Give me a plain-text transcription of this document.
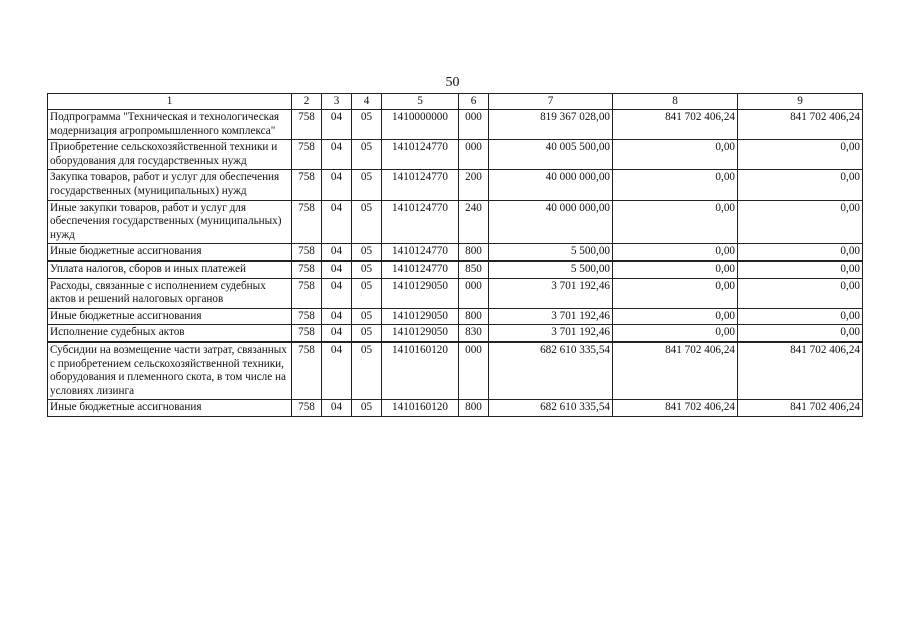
50
1	2	3	4	5	6	7	8	9
Подпрограмма "Техническая и технологическая модернизация агропромышленного комплекса"	758	04	05	1410000000	000	819 367 028,00	841 702 406,24	841 702 406,24
Приобретение сельскохозяйственной техники и оборудования для государственных нужд	758	04	05	1410124770	000	40 005 500,00	0,00	0,00
Закупка товаров, работ и услуг для обеспечения государственных (муниципальных) нужд	758	04	05	1410124770	200	40 000 000,00	0,00	0,00
Иные закупки товаров, работ и услуг для обеспечения государственных (муниципальных) нужд	758	04	05	1410124770	240	40 000 000,00	0,00	0,00
Иные бюджетные ассигнования	758	04	05	1410124770	800	5 500,00	0,00	0,00
Уплата налогов, сборов и иных платежей	758	04	05	1410124770	850	5 500,00	0,00	0,00
Расходы, связанные с исполнением судебных актов и решений налоговых органов	758	04	05	1410129050	000	3 701 192,46	0,00	0,00
Иные бюджетные ассигнования	758	04	05	1410129050	800	3 701 192,46	0,00	0,00
Исполнение судебных актов	758	04	05	1410129050	830	3 701 192,46	0,00	0,00
Субсидии на возмещение части затрат, связанных с приобретением сельскохозяйственной техники, оборудования и племенного скота, в том числе на условиях лизинга	758	04	05	1410160120	000	682 610 335,54	841 702 406,24	841 702 406,24
Иные бюджетные ассигнования	758	04	05	1410160120	800	682 610 335,54	841 702 406,24	841 702 406,24
